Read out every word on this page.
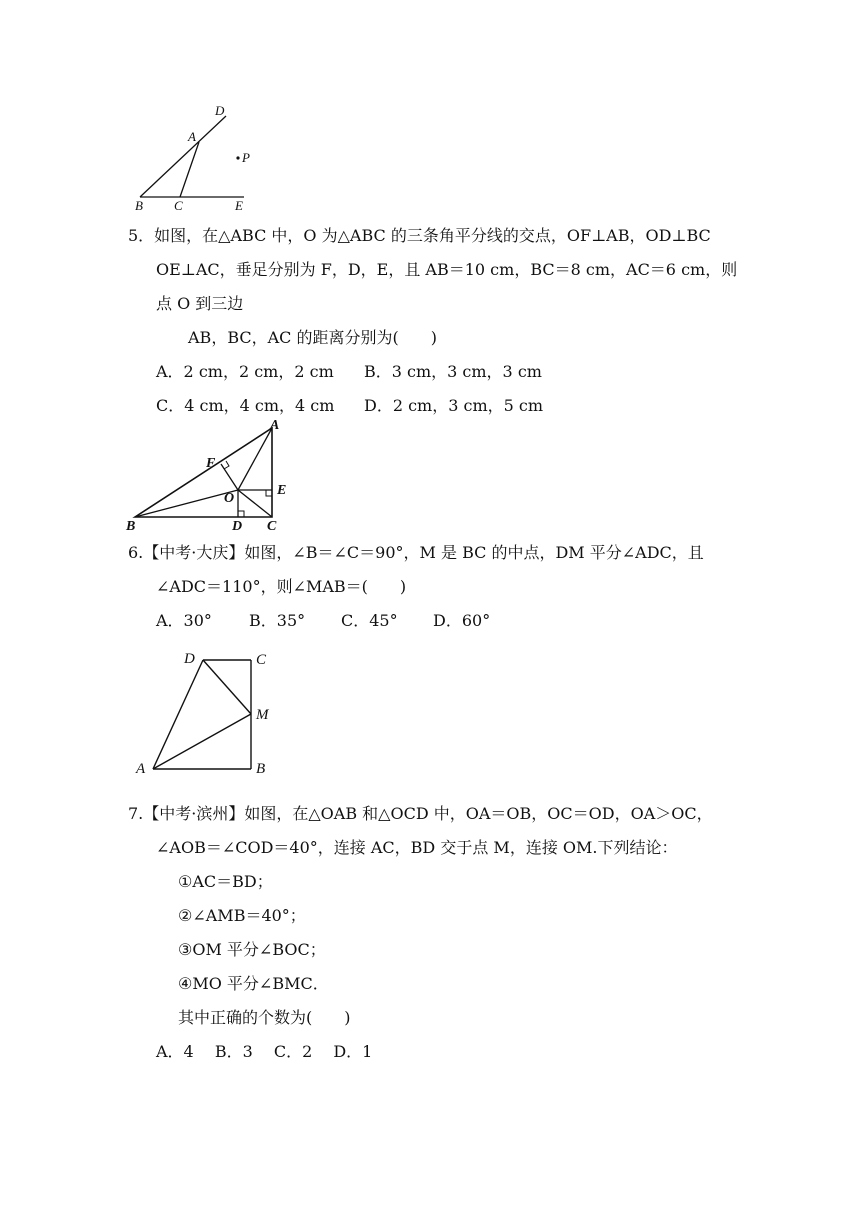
D
A
P
B C	E
5．如图，在△ABC 中，O 为△ABC 的三条角平分线的交点，OF⊥AB，OD⊥BC
OE⊥AC，垂足分别为 F，D，E，且 AB＝10 cm，BC＝8 cm，AC＝6 cm，则
点 O 到三边
AB，BC，AC 的距离分别为(　　)
A．2 cm，2 cm，2 cm B．3 cm，3 cm，3 cm
C．4 cm，4 cm，4 cm D．2 cm，3 cm，5 cm
A
F
O
E
B	D C
6.【中考·大庆】如图，∠B＝∠C＝90°，M 是 BC 的中点，DM 平分∠ADC，且
∠ADC＝110°，则∠MAB＝(　　)
A．30° B．35° C．45° D．60°
D	C
M
A	B
7.【中考·滨州】如图，在△OAB 和△OCD 中，OA＝OB，OC＝OD，OA＞OC，
∠AOB＝∠COD＝40°，连接 AC，BD 交于点 M，连接 OM.下列结论：
①AC＝BD；
②∠AMB＝40°；
③OM 平分∠BOC；
④MO 平分∠BMC．
其中正确的个数为(　　)
A．4　 B．3　 C．2　 D．1
